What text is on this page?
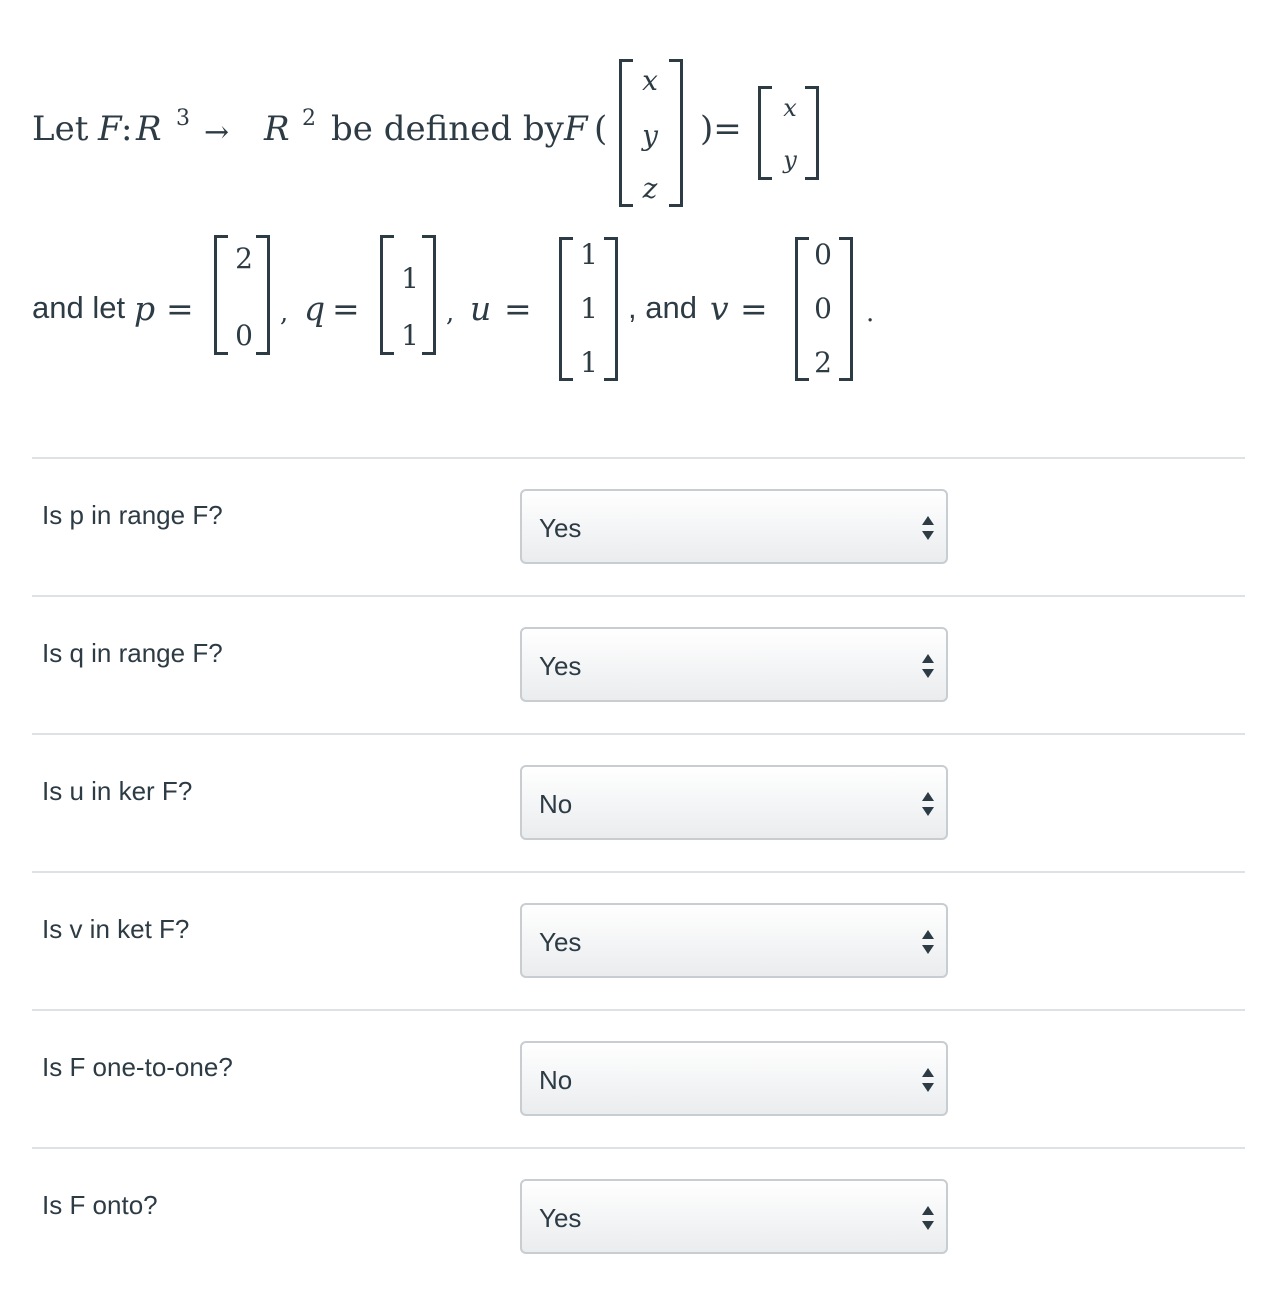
Let F : R 3 → R 2 be defined by F (
x
y
z
)=
x
y
and let p =
2
0
, q =
1
1
, u =
1
1
1
, and v =
0
0
2
.
Is p in range F?	Yes
Is q in range F?	Yes
Is u in ker F?	No
Is v in ket F?	Yes
Is F one-to-one?	No
Is F onto?	Yes
